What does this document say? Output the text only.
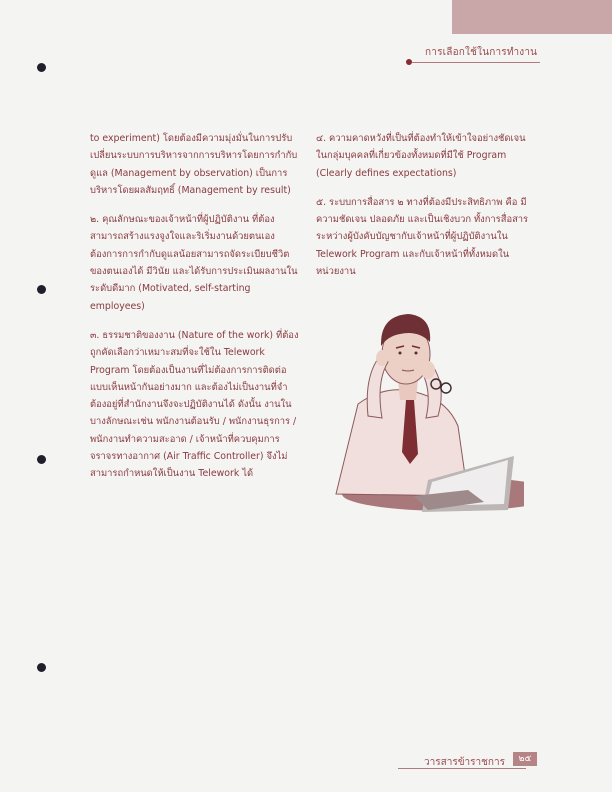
การเลือกใช้ในการทำงาน

to experiment) โดยต้องมีความมุ่งมั่นในการปรับเปลี่ยนระบบการบริหารจากการบริหารโดยการกำกับดูแล (Management by observation) เป็นการบริหารโดยผลสัมฤทธิ์ (Management by result)

๒. คุณลักษณะของเจ้าหน้าที่ผู้ปฏิบัติงาน ที่ต้องสามารถสร้างแรงจูงใจและริเริ่มงานด้วยตนเอง ต้องการการกำกับดูแลน้อยสามารถจัดระเบียบชีวิตของตนเองได้ มีวินัย และได้รับการประเมินผลงานในระดับดีมาก (Motivated, self-starting employees)

๓. ธรรมชาติของงาน (Nature of the work) ที่ต้องถูกคัดเลือกว่าเหมาะสมที่จะใช้ใน Telework Program โดยต้องเป็นงานที่ไม่ต้องการการติดต่อแบบเห็นหน้ากันอย่างมาก และต้องไม่เป็นงานที่จำต้องอยู่ที่สำนักงานจึงจะปฏิบัติงานได้ ดังนั้น งานในบางลักษณะเช่น พนักงานต้อนรับ / พนักงานธุรการ / พนักงานทำความสะอาด / เจ้าหน้าที่ควบคุมการจราจรทางอากาศ (Air Traffic Controller) จึงไม่สามารถกำหนดให้เป็นงาน Telework ได้

๔. ความคาดหวังที่เป็นที่ต้องทำให้เข้าใจอย่างชัดเจนในกลุ่มบุคคลที่เกี่ยวข้องทั้งหมดที่มีใช้ Program (Clearly defines expectations)

๕. ระบบการสื่อสาร ๒ ทางที่ต้องมีประสิทธิภาพ คือ มีความชัดเจน ปลอดภัย และเป็นเชิงบวก ทั้งการสื่อสารระหว่างผู้บังคับบัญชากับเจ้าหน้าที่ผู้ปฏิบัติงานใน Telework Program และกับเจ้าหน้าที่ทั้งหมดในหน่วยงาน

วารสารข้าราชการ	๒๕
